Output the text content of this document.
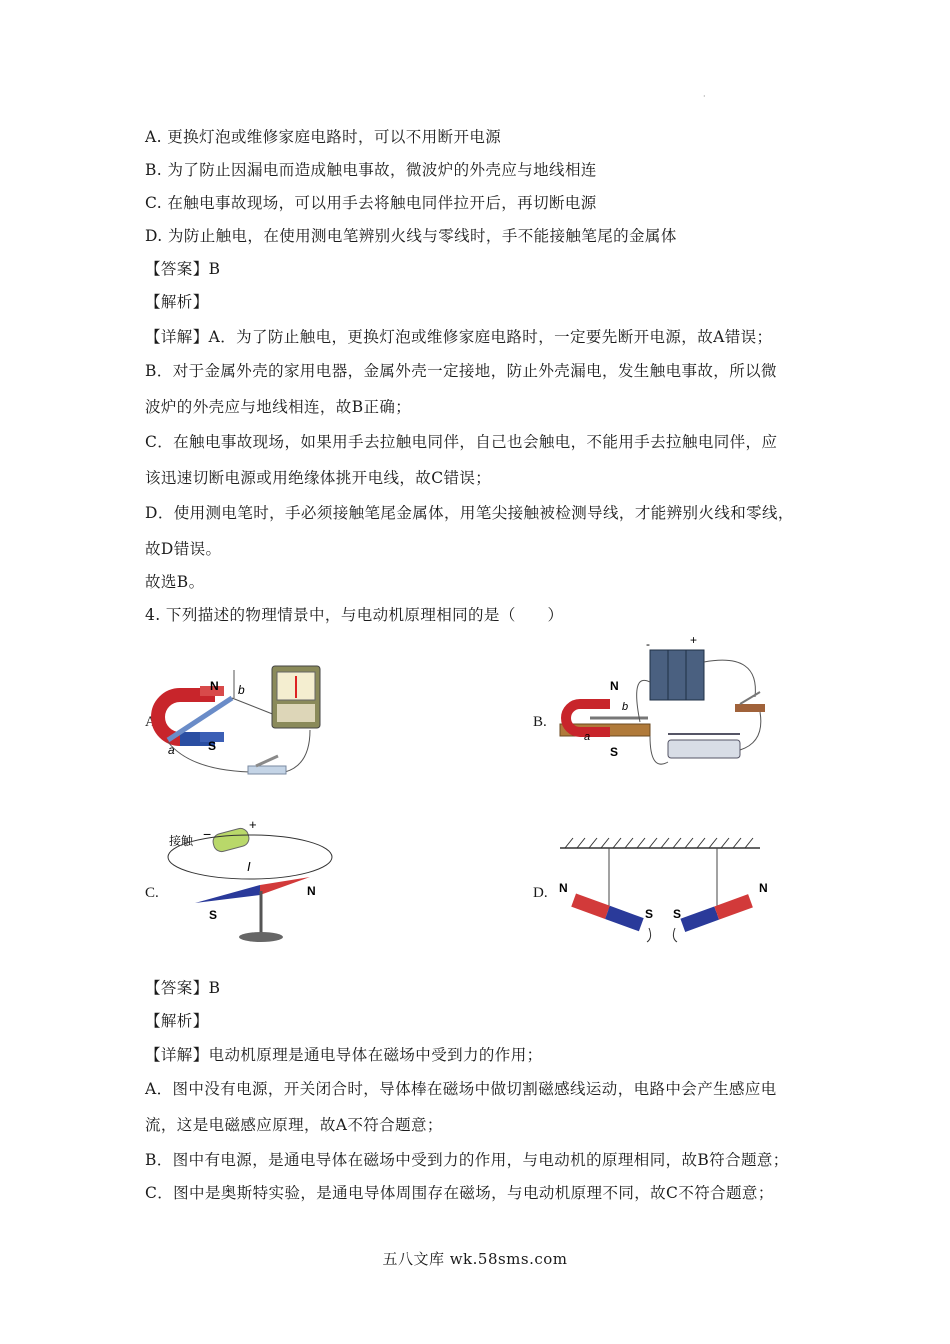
·
A. 更换灯泡或维修家庭电路时，可以不用断开电源
B. 为了防止因漏电而造成触电事故，微波炉的外壳应与地线相连
C. 在触电事故现场，可以用手去将触电同伴拉开后，再切断电源
D. 为防止触电，在使用测电笔辨别火线与零线时，手不能接触笔尾的金属体
【答案】B
【解析】
【详解】A．为了防止触电，更换灯泡或维修家庭电路时，一定要先断开电源，故A错误；
B．对于金属外壳的家用电器，金属外壳一定接地，防止外壳漏电，发生触电事故，所以微
波炉的外壳应与地线相连，故B正确；
C．在触电事故现场，如果用手去拉触电同伴，自己也会触电，不能用手去拉触电同伴，应
该迅速切断电源或用绝缘体挑开电线，故C错误；
D．使用测电笔时，手必须接触笔尾金属体，用笔尖接触被检测导线，才能辨别火线和零线，
故D错误。
故选B。
4. 下列描述的物理情景中，与电动机原理相同的是（　　）
A
N
S
a
b
B.
-	+
N
S
a
b
C.
接触 −
+
I
N
S
D. N
S S
N
【答案】B
【解析】
【详解】电动机原理是通电导体在磁场中受到力的作用；
A．图中没有电源，开关闭合时，导体棒在磁场中做切割磁感线运动，电路中会产生感应电
流，这是电磁感应原理，故A不符合题意；
B．图中有电源，是通电导体在磁场中受到力的作用，与电动机的原理相同，故B符合题意；
C．图中是奥斯特实验，是通电导体周围存在磁场，与电动机原理不同，故C不符合题意；
五八文库 wk.58sms.com
